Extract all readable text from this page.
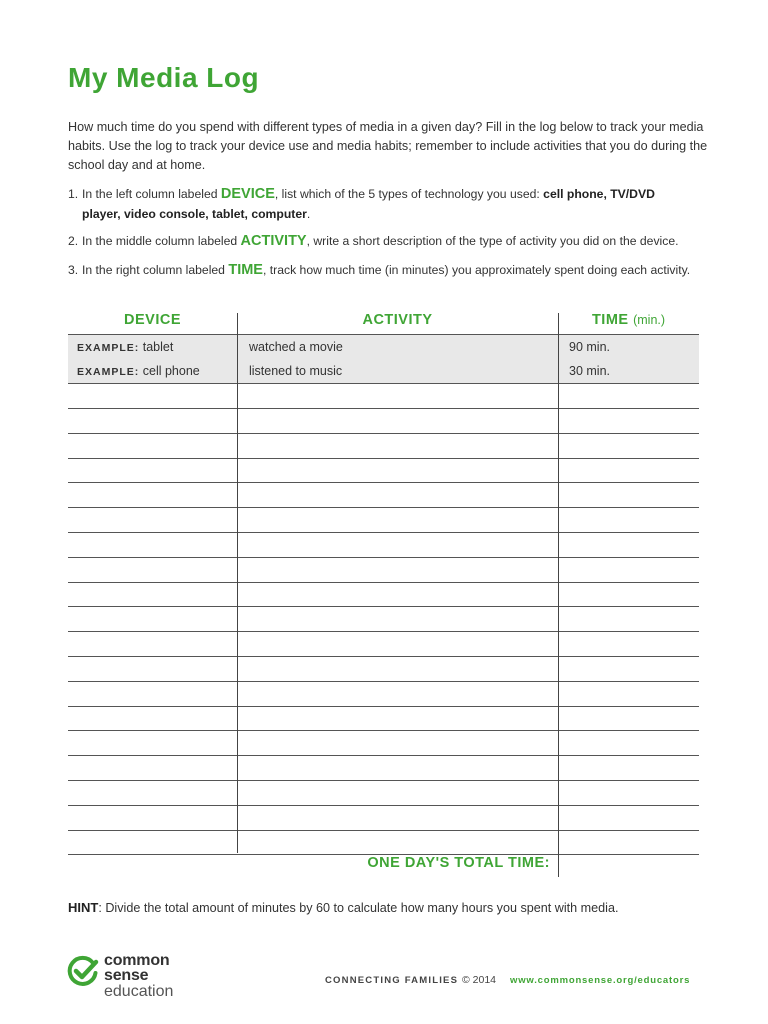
My Media Log
How much time do you spend with different types of media in a given day? Fill in the log below to track your media habits. Use the log to track your device use and media habits; remember to include activities that you do during the school day and at home.
1. In the left column labeled DEVICE, list which of the 5 types of technology you used: cell phone, TV/DVD
player, video console, tablet, computer.
2. In the middle column labeled ACTIVITY, write a short description of the type of activity you did on the device.
3. In the right column labeled TIME, track how much time (in minutes) you approximately spent doing each activity.
DEVICE	ACTIVITY	TIME (min.)
EXAMPLE: tablet	watched a movie	90 min.
EXAMPLE: cell phone	listened to music	30 min.
ONE DAY'S TOTAL TIME:
HINT: Divide the total amount of minutes by 60 to calculate how many hours you spent with media.
common
sense
education
CONNECTING FAMILIES © 2014 www.commonsense.org/educators
